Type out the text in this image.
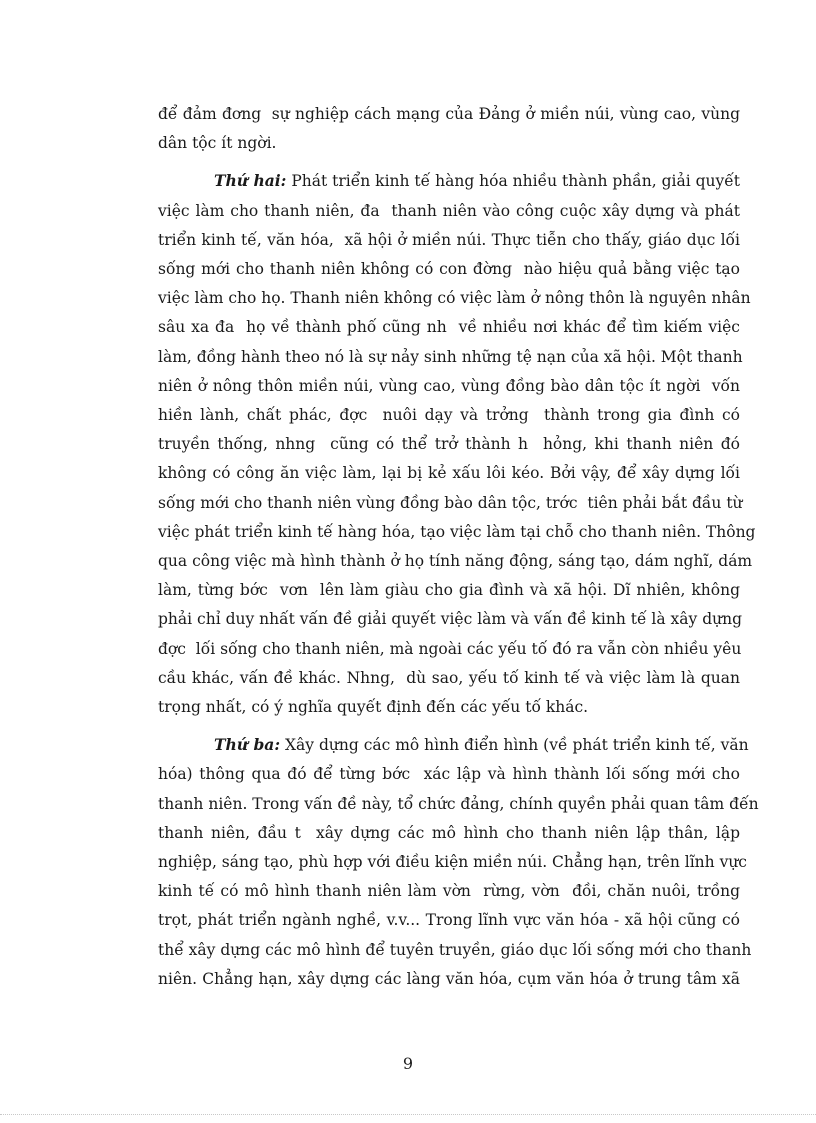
để đảm đơng  sự nghiệp cách mạng của Đảng ở miền núi, vùng cao, vùng
dân tộc ít ngời.
Thứ hai: Phát triển kinh tế hàng hóa nhiều thành phần, giải quyết
việc làm cho thanh niên, đa  thanh niên vào công cuộc xây dựng và phát
triển kinh tế, văn hóa,  xã hội ở miền núi. Thực tiễn cho thấy, giáo dục lối
sống mới cho thanh niên không có con đờng  nào hiệu quả bằng việc tạo
việc làm cho họ. Thanh niên không có việc làm ở nông thôn là nguyên nhân
sâu xa đa  họ về thành phố cũng nh  về nhiều nơi khác để tìm kiếm việc
làm, đồng hành theo nó là sự nảy sinh những tệ nạn của xã hội. Một thanh
niên ở nông thôn miền núi, vùng cao, vùng đồng bào dân tộc ít ngời  vốn
hiền lành, chất phác, đợc  nuôi dạy và trởng  thành trong gia đình có
truyền thống, nhng  cũng có thể trở thành h  hỏng, khi thanh niên đó
không có công ăn việc làm, lại bị kẻ xấu lôi kéo. Bởi vậy, để xây dựng lối
sống mới cho thanh niên vùng đồng bào dân tộc, trớc  tiên phải bắt đầu từ
việc phát triển kinh tế hàng hóa, tạo việc làm tại chỗ cho thanh niên. Thông
qua công việc mà hình thành ở họ tính năng động, sáng tạo, dám nghĩ, dám
làm, từng bớc  vơn  lên làm giàu cho gia đình và xã hội. Dĩ nhiên, không
phải chỉ duy nhất vấn đề giải quyết việc làm và vấn đề kinh tế là xây dựng
đợc  lối sống cho thanh niên, mà ngoài các yếu tố đó ra vẫn còn nhiều yêu
cầu khác, vấn đề khác. Nhng,  dù sao, yếu tố kinh tế và việc làm là quan
trọng nhất, có ý nghĩa quyết định đến các yếu tố khác.
Thứ ba: Xây dựng các mô hình điển hình (về phát triển kinh tế, văn
hóa) thông qua đó để từng bớc  xác lập và hình thành lối sống mới cho
thanh niên. Trong vấn đề này, tổ chức đảng, chính quyền phải quan tâm đến
thanh niên, đầu t  xây dựng các mô hình cho thanh niên lập thân, lập
nghiệp, sáng tạo, phù hợp với điều kiện miền núi. Chẳng hạn, trên lĩnh vực
kinh tế có mô hình thanh niên làm vờn  rừng, vờn  đồi, chăn nuôi, trồng
trọt, phát triển ngành nghề, v.v... Trong lĩnh vực văn hóa - xã hội cũng có
thể xây dựng các mô hình để tuyên truyền, giáo dục lối sống mới cho thanh
niên. Chẳng hạn, xây dựng các làng văn hóa, cụm văn hóa ở trung tâm xã
9
